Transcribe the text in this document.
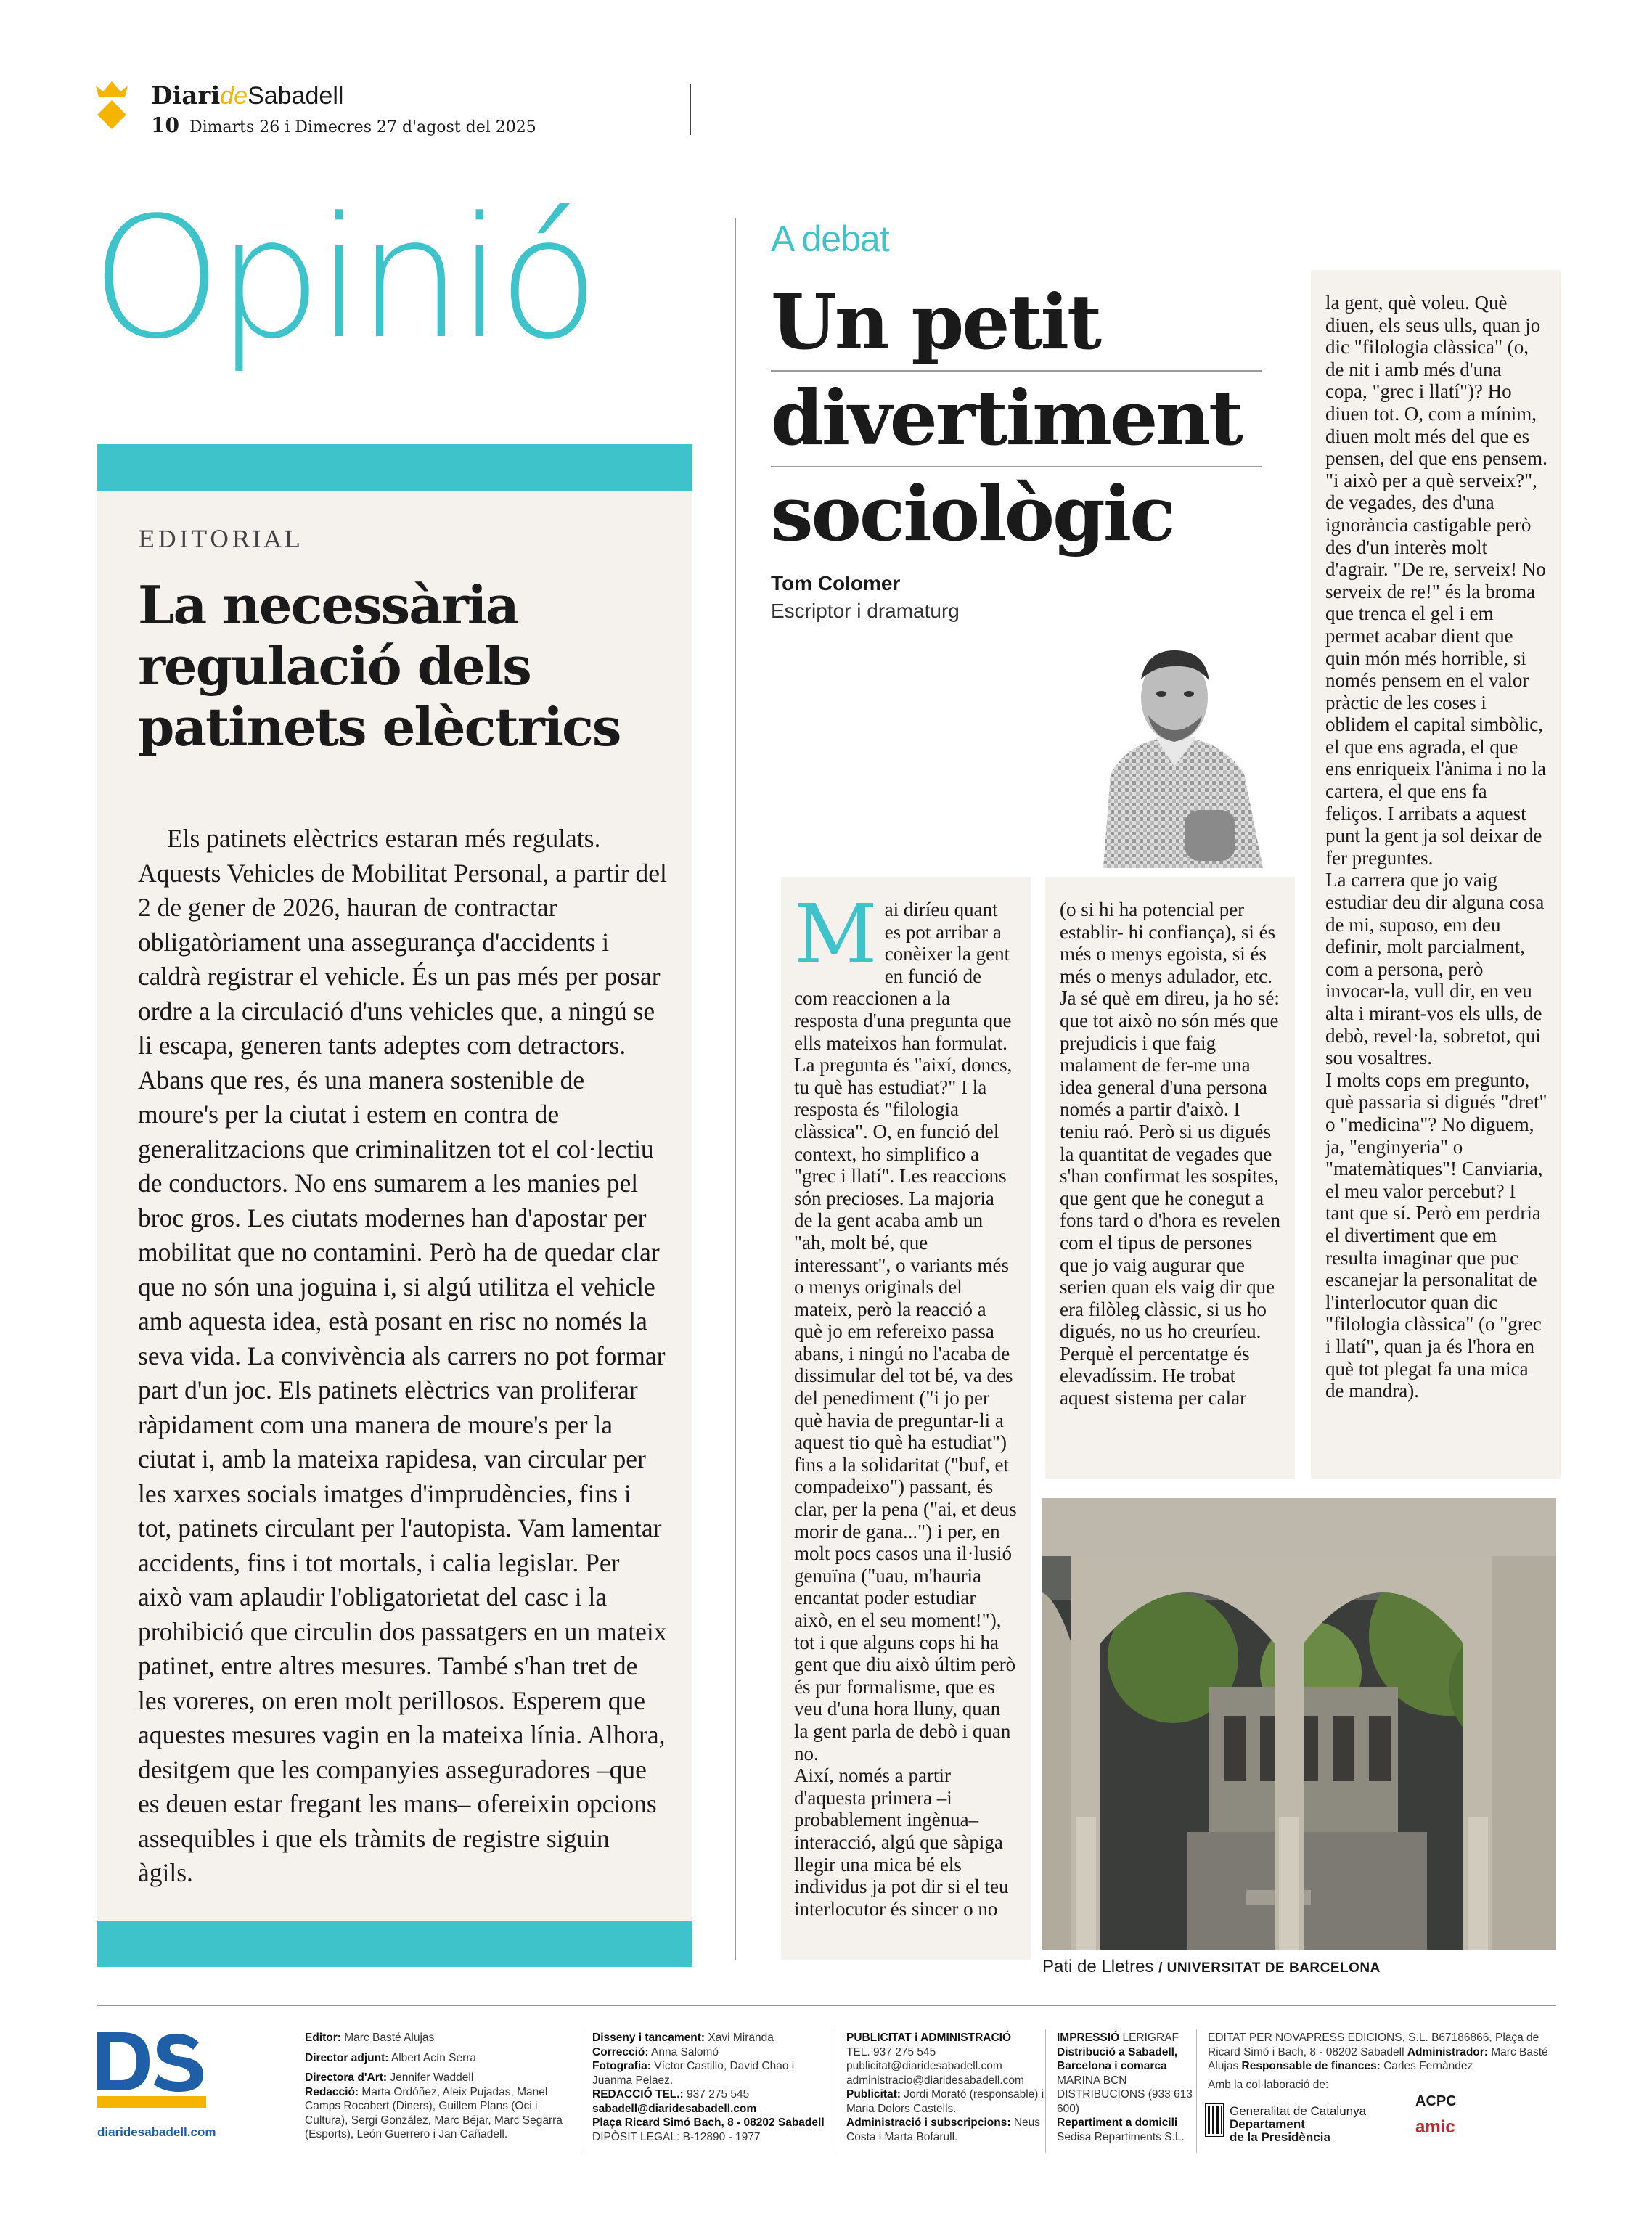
DiarideSabadell
10 Dimarts 26 i Dimecres 27 d'agost del 2025
Opinió
EDITORIAL
La necessària regulació dels patinets elèctrics

Els patinets elèctrics estaran més regulats. Aquests Vehicles de Mobilitat Personal, a partir del 2 de gener de 2026, hauran de contractar obligatòriament una assegurança d'accidents i caldrà registrar el vehicle. És un pas més per posar ordre a la circulació d'uns vehicles que, a ningú se li escapa, generen tants adeptes com detractors. Abans que res, és una manera sostenible de moure's per la ciutat i estem en contra de generalitzacions que criminalitzen tot el col·lectiu de conductors. No ens sumarem a les manies pel broc gros. Les ciutats modernes han d'apostar per mobilitat que no contamini. Però ha de quedar clar que no són una joguina i, si algú utilitza el vehicle amb aquesta idea, està posant en risc no només la seva vida. La convivència als carrers no pot formar part d'un joc. Els patinets elèctrics van proliferar ràpidament com una manera de moure's per la ciutat i, amb la mateixa rapidesa, van circular per les xarxes socials imatges d'imprudències, fins i tot, patinets circulant per l'autopista. Vam lamentar accidents, fins i tot mortals, i calia legislar. Per això vam aplaudir l'obligatorietat del casc i la prohibició que circulin dos passatgers en un mateix patinet, entre altres mesures. També s'han tret de les voreres, on eren molt perillosos. Esperem que aquestes mesures vagin en la mateixa línia. Alhora, desitgem que les companyies asseguradores –que es deuen estar fregant les mans– ofereixin opcions assequibles i que els tràmits de registre siguin àgils.

A debat
Un petit
divertiment
sociològic
Tom Colomer
Escriptor i dramaturg

Mai diríeu quant es pot arribar a conèixer la gent en funció de com reaccionen a la resposta d'una pregunta que ells mateixos han formulat. La pregunta és "així, doncs, tu què has estudiat?" I la resposta és "filologia clàssica". O, en funció del context, ho simplifico a "grec i llatí". Les reaccions són precioses. La majoria de la gent acaba amb un "ah, molt bé, que interessant", o variants més o menys originals del mateix, però la reacció a què jo em refereixo passa abans, i ningú no l'acaba de dissimular del tot bé, va des del penediment ("i jo per què havia de preguntar-li a aquest tio què ha estudiat") fins a la solidaritat ("buf, et compadeixo") passant, és clar, per la pena ("ai, et deus morir de gana...") i per, en molt pocs casos una il·lusió genuïna ("uau, m'hauria encantat poder estudiar això, en el seu moment!"), tot i que alguns cops hi ha gent que diu això últim però és pur formalisme, que es veu d'una hora lluny, quan la gent parla de debò i quan no.

Així, només a partir d'aquesta primera –i probablement ingènua– interacció, algú que sàpiga llegir una mica bé els individus ja pot dir si el teu interlocutor és sincer o no

(o si hi ha potencial per establir- hi confiança), si és més o menys egoista, si és més o menys adulador, etc. Ja sé què em direu, ja ho sé: que tot això no són més que prejudicis i que faig malament de fer-me una idea general d'una persona només a partir d'això. I teniu raó. Però si us digués la quantitat de vegades que s'han confirmat les sospites, que gent que he conegut a fons tard o d'hora es revelen com el tipus de persones que jo vaig augurar que serien quan els vaig dir que era filòleg clàssic, si us ho digués, no us ho creuríeu. Perquè el percentatge és elevadíssim. He trobat aquest sistema per calar

la gent, què voleu. Què diuen, els seus ulls, quan jo dic "filologia clàssica" (o, de nit i amb més d'una copa, "grec i llatí")? Ho diuen tot. O, com a mínim, diuen molt més del que es pensen, del que ens pensem. "i això per a què serveix?", de vegades, des d'una ignorància castigable però des d'un interès molt d'agrair. "De re, serveix! No serveix de re!" és la broma que trenca el gel i em permet acabar dient que quin món més horrible, si només pensem en el valor pràctic de les coses i oblidem el capital simbòlic, el que ens agrada, el que ens enriqueix l'ànima i no la cartera, el que ens fa feliços. I arribats a aquest punt la gent ja sol deixar de fer preguntes.

La carrera que jo vaig estudiar deu dir alguna cosa de mi, suposo, em deu definir, molt parcialment, com a persona, però invocar-la, vull dir, en veu alta i mirant-vos els ulls, de debò, revel·la, sobretot, qui sou vosaltres.

I molts cops em pregunto, què passaria si digués "dret" o "medicina"? No diguem, ja, "enginyeria" o "matemàtiques"! Canviaria, el meu valor percebut? I tant que sí. Però em perdria el divertiment que em resulta imaginar que puc escanejar la personalitat de l'interlocutor quan dic "filologia clàssica" (o "grec i llatí", quan ja és l'hora en què tot plegat fa una mica de mandra).

Pati de Lletres / UNIVERSITAT DE BARCELONA
diaridesabadell.com
Editor: Marc Basté Alujas
Director adjunt: Albert Acín Serra
Directora d'Art: Jennifer Waddell
Redacció: Marta Ordóñez, Aleix Pujadas, Manel Camps Rocabert (Diners), Guillem Plans (Oci i Cultura), Sergi González, Marc Béjar, Marc Segarra (Esports), León Guerrero i Jan Cañadell.
Disseny i tancament: Xavi Miranda
Correcció: Anna Salomó
Fotografia: Víctor Castillo, David Chao i Juanma Pelaez.
REDACCIÓ TEL.: 937 275 545
sabadell@diaridesabadell.com
Plaça Ricard Simó Bach, 8 - 08202 Sabadell
DIPÒSIT LEGAL: B-12890 - 1977
PUBLICITAT i ADMINISTRACIÓ
TEL. 937 275 545
publicitat@diaridesabadell.com
administracio@diaridesabadell.com
Publicitat: Jordi Morató (responsable) i Maria Dolors Castells.
Administració i subscripcions: Neus Costa i Marta Bofarull.
IMPRESSIÓ LERIGRAF
Distribució a Sabadell, Barcelona i comarca
MARINA BCN DISTRIBUCIONS (933 613 600)
Repartiment a domicili
Sedisa Repartiments S.L.
EDITAT PER NOVAPRESS EDICIONS, S.L. B67186866, Plaça de Ricard Simó i Bach, 8 - 08202 Sabadell Administrador: Marc Basté Alujas Responsable de finances: Carles Fernàndez
Amb la col·laboració de:
Generalitat de Catalunya
Departament
de la Presidència
ACPC
amic
